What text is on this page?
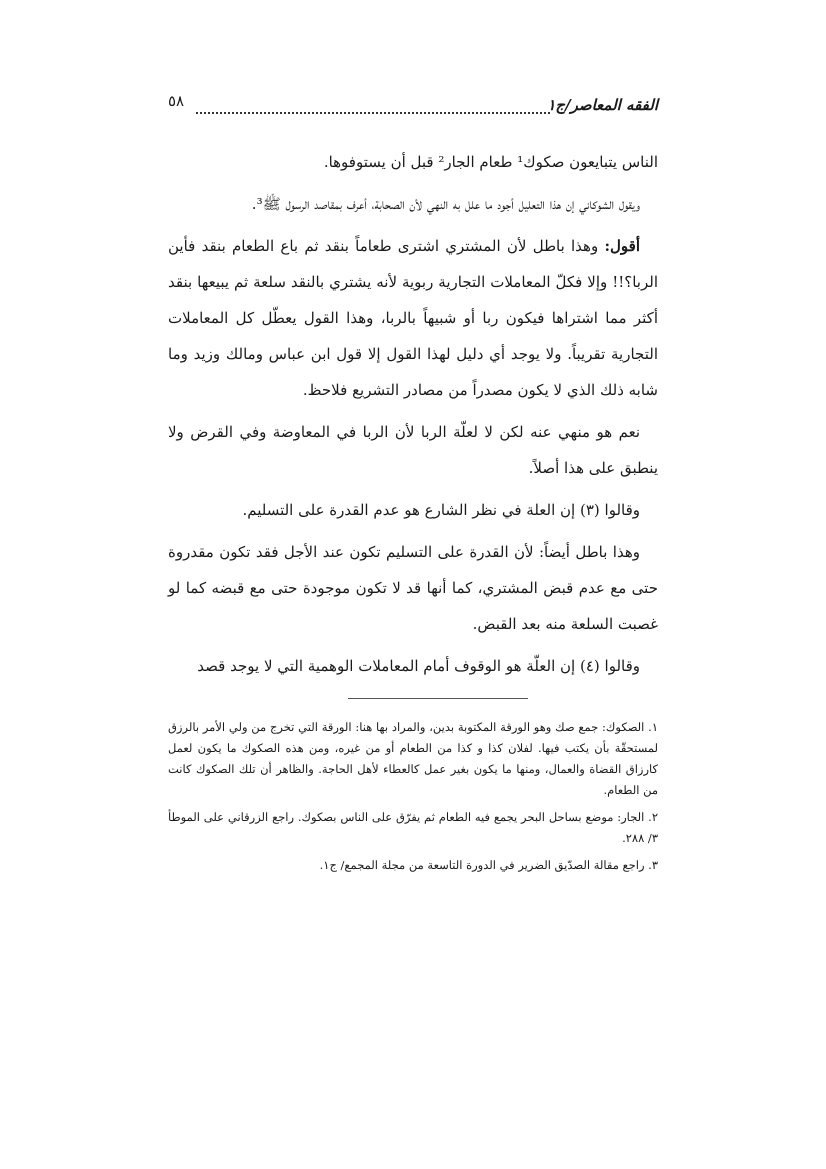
الفقه المعاصر/ج١
٥٨

الناس يتبايعون صكوك¹ طعام الجار² قبل أن يستوفوها.

ويقول الشوكاني إن هذا التعليل أجود ما علل به النهي لأن الصحابة، أعرف بمقاصد الرسول ﷺ³.

أقول: وهذا باطل لأن المشتري اشترى طعاماً بنقد ثم باع الطعام بنقد فأين الربا؟!! وإلا فكلّ المعاملات التجارية ربوية لأنه يشتري بالنقد سلعة ثم يبيعها بنقد أكثر مما اشتراها فيكون ربا أو شبيهاً بالربا، وهذا القول يعطّل كل المعاملات التجارية تقريباً. ولا يوجد أي دليل لهذا القول إلا قول ابن عباس ومالك وزيد وما شابه ذلك الذي لا يكون مصدراً من مصادر التشريع فلاحظ.

نعم هو منهي عنه لكن لا لعلّة الربا لأن الربا في المعاوضة وفي القرض ولا ينطبق على هذا أصلاً.

وقالوا (٣) إن العلة في نظر الشارع هو عدم القدرة على التسليم.

وهذا باطل أيضاً: لأن القدرة على التسليم تكون عند الأجل فقد تكون مقدروة حتى مع عدم قبض المشتري، كما أنها قد لا تكون موجودة حتى مع قبضه كما لو غصبت السلعة منه بعد القبض.

وقالوا (٤) إن العلّة هو الوقوف أمام المعاملات الوهمية التي لا يوجد قصد

١. الصكوك: جمع صك وهو الورقة المكتوبة بدين، والمراد بها هنا: الورقة التي تخرج من ولي الأمر بالرزق لمستحقّة بأن يكتب فيها. لفلان كذا و كذا من الطعام أو من غيره، ومن هذه الصكوك ما يكون لعمل كارزاق القضاة والعمال، ومنها ما يكون بغير عمل كالعطاء لأهل الحاجة. والظاهر أن تلك الصكوك كانت من الطعام.

٢. الجار: موضع بساحل البحر يجمع فيه الطعام ثم يفرّق على الناس بصكوك. راجع الزرقاني على الموطأ ٣/ ٢٨٨.

٣. راجع مقالة الصدّيق الضرير في الدورة التاسعة من مجلة المجمع/ ج١.
